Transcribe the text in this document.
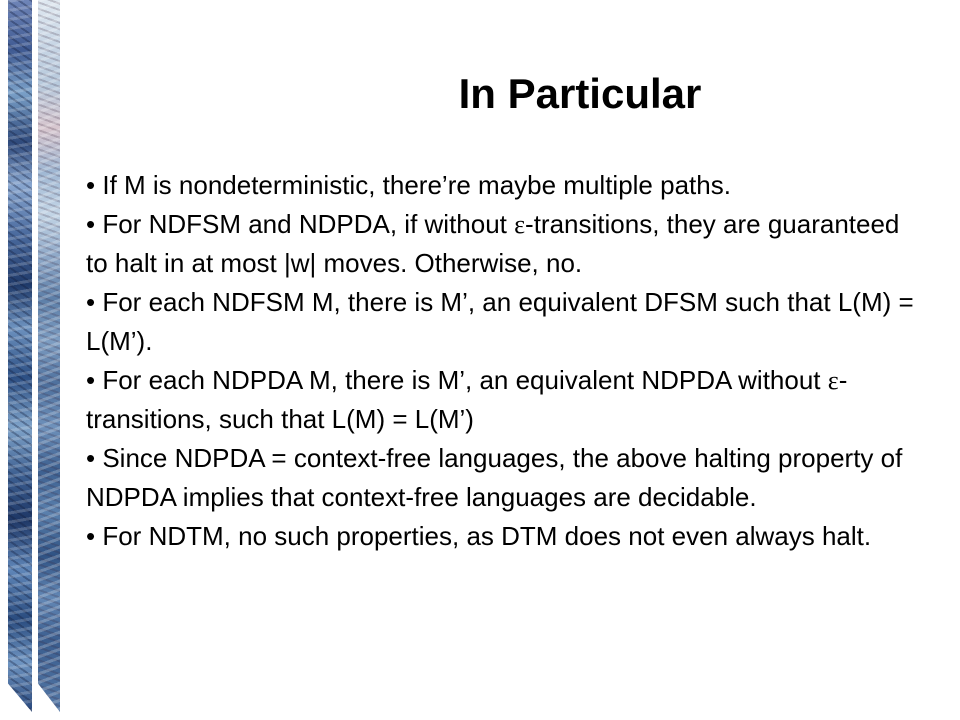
In Particular

• If M is nondeterministic, there’re maybe multiple paths.

• For NDFSM and NDPDA, if without ε-transitions, they are guaranteed to halt in at most |w| moves. Otherwise, no.

• For each NDFSM M, there is M’, an equivalent DFSM such that L(M) = L(M’).

• For each NDPDA M, there is M’, an equivalent NDPDA without ε-transitions, such that L(M) = L(M’)

• Since NDPDA = context-free languages, the above halting property of NDPDA implies that context-free languages are decidable.

• For NDTM, no such properties, as DTM does not even always halt.
